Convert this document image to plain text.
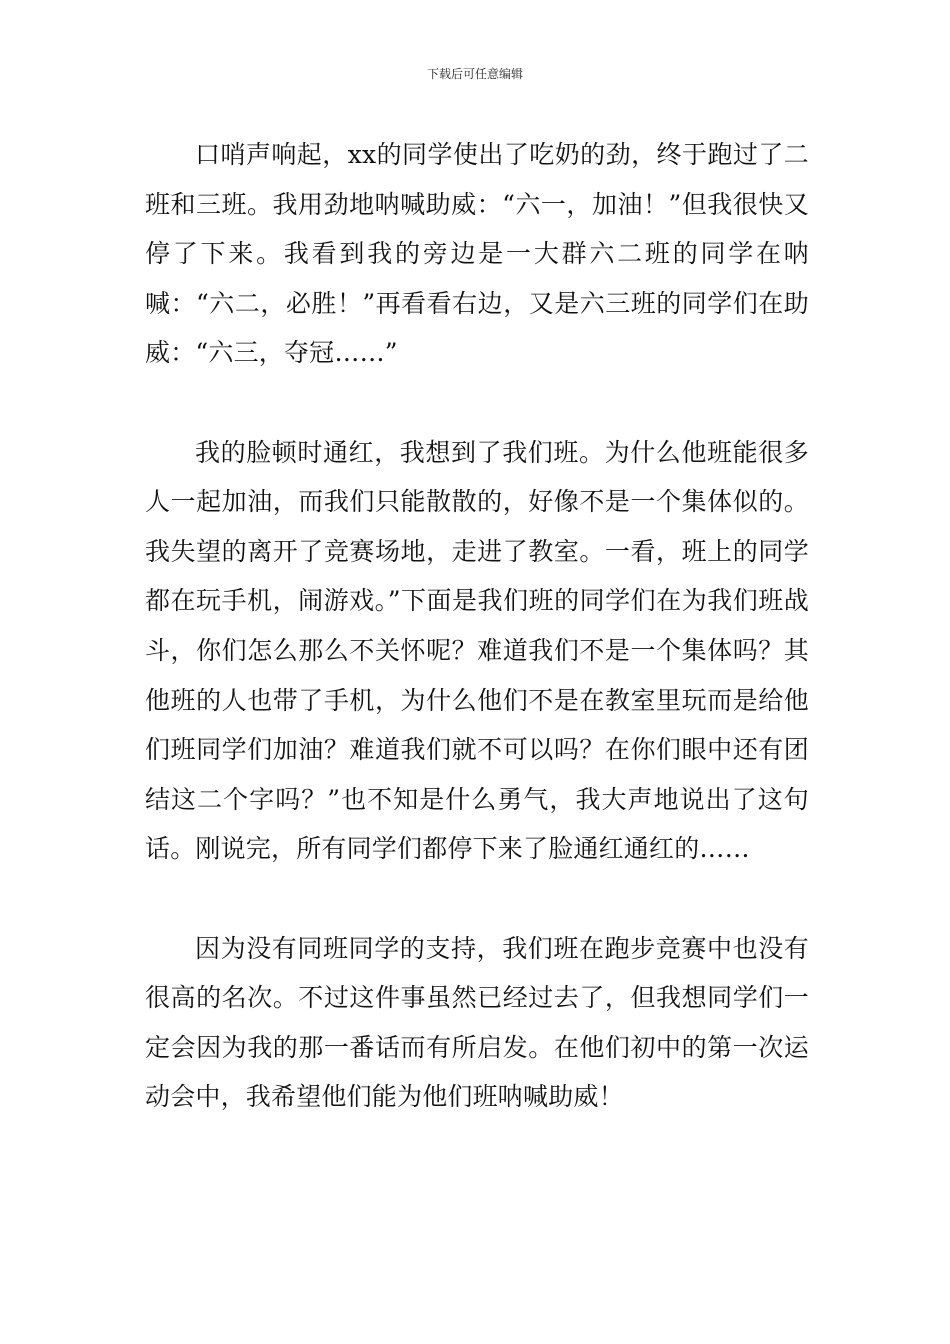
下载后可任意编辑

口哨声响起，xx的同学使出了吃奶的劲，终于跑过了二班和三班。我用劲地呐喊助威：“六一，加油！”但我很快又停了下来。我看到我的旁边是一大群六二班的同学在呐喊：“六二，必胜！”再看看右边，又是六三班的同学们在助威：“六三，夺冠……”

我的脸顿时通红，我想到了我们班。为什么他班能很多人一起加油，而我们只能散散的，好像不是一个集体似的。我失望的离开了竞赛场地，走进了教室。一看，班上的同学都在玩手机，闹游戏。”下面是我们班的同学们在为我们班战斗，你们怎么那么不关怀呢？难道我们不是一个集体吗？其他班的人也带了手机，为什么他们不是在教室里玩而是给他们班同学们加油？难道我们就不可以吗？在你们眼中还有团结这二个字吗？”也不知是什么勇气，我大声地说出了这句话。刚说完，所有同学们都停下来了脸通红通红的……

因为没有同班同学的支持，我们班在跑步竞赛中也没有很高的名次。不过这件事虽然已经过去了，但我想同学们一定会因为我的那一番话而有所启发。在他们初中的第一次运动会中，我希望他们能为他们班呐喊助威！
